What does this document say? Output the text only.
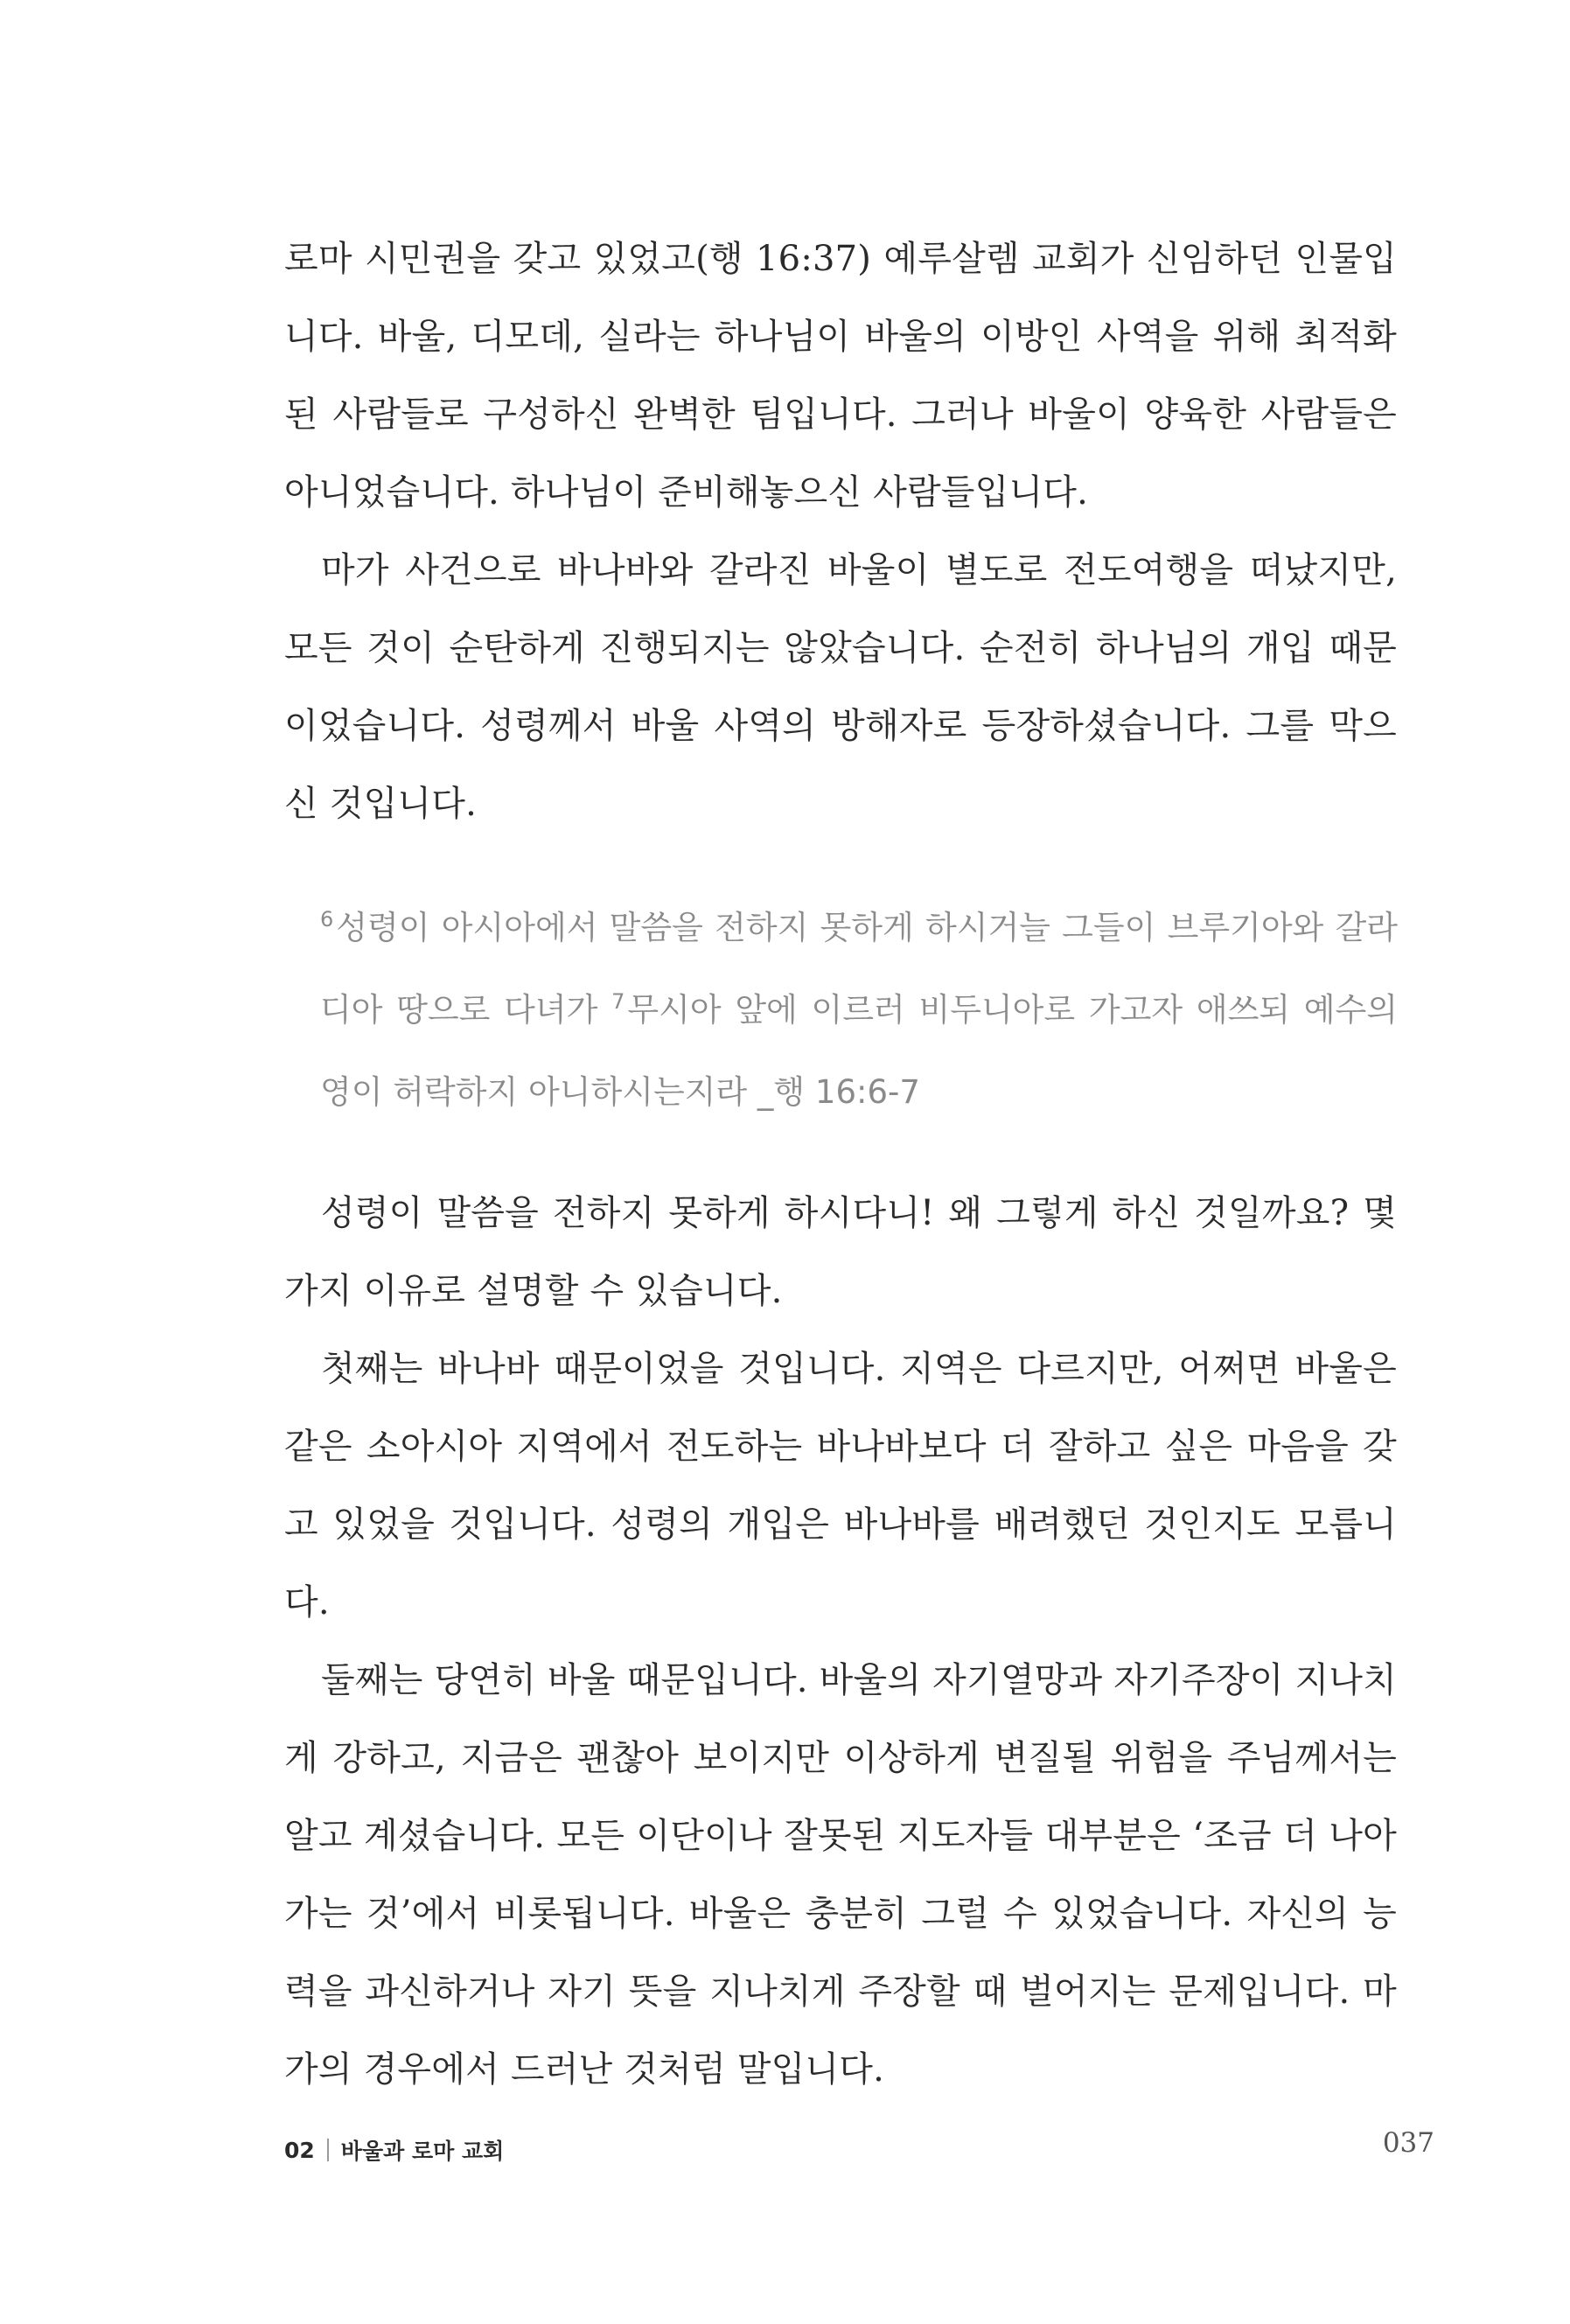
로마 시민권을 갖고 있었고(행 16:37) 예루살렘 교회가 신임하던 인물입니다. 바울, 디모데, 실라는 하나님이 바울의 이방인 사역을 위해 최적화된 사람들로 구성하신 완벽한 팀입니다. 그러나 바울이 양육한 사람들은 아니었습니다. 하나님이 준비해놓으신 사람들입니다.

마가 사건으로 바나바와 갈라진 바울이 별도로 전도여행을 떠났지만, 모든 것이 순탄하게 진행되지는 않았습니다. 순전히 하나님의 개입 때문이었습니다. 성령께서 바울 사역의 방해자로 등장하셨습니다. 그를 막으신 것입니다.

$^6$성령이 아시아에서 말씀을 전하지 못하게 하시거늘 그들이 브루기아와 갈라디아 땅으로 다녀가 $^7$무시아 앞에 이르러 비두니아로 가고자 애쓰되 예수의 영이 허락하지 아니하시는지라 _행 16:6-7

성령이 말씀을 전하지 못하게 하시다니! 왜 그렇게 하신 것일까요? 몇 가지 이유로 설명할 수 있습니다.

첫째는 바나바 때문이었을 것입니다. 지역은 다르지만, 어쩌면 바울은 같은 소아시아 지역에서 전도하는 바나바보다 더 잘하고 싶은 마음을 갖고 있었을 것입니다. 성령의 개입은 바나바를 배려했던 것인지도 모릅니다.

둘째는 당연히 바울 때문입니다. 바울의 자기열망과 자기주장이 지나치게 강하고, 지금은 괜찮아 보이지만 이상하게 변질될 위험을 주님께서는 알고 계셨습니다. 모든 이단이나 잘못된 지도자들 대부분은 ‘조금 더 나아가는 것’에서 비롯됩니다. 바울은 충분히 그럴 수 있었습니다. 자신의 능력을 과신하거나 자기 뜻을 지나치게 주장할 때 벌어지는 문제입니다. 마가의 경우에서 드러난 것처럼 말입니다.

02 바울과 로마 교회	037
